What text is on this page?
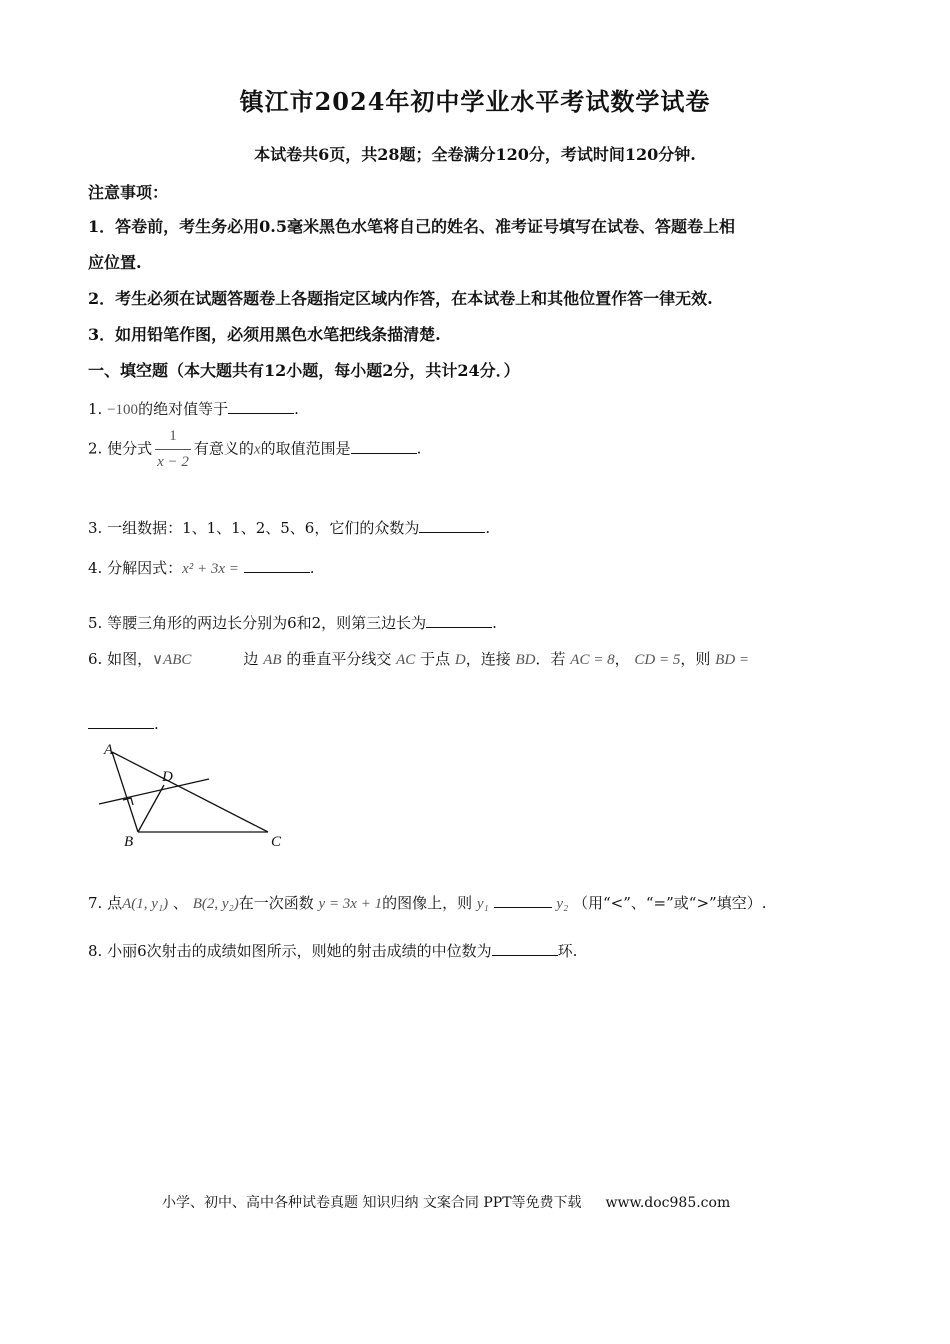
镇江市2024年初中学业水平考试数学试卷
本试卷共6页，共28题；全卷满分120分，考试时间120分钟.
注意事项：
1．答卷前，考生务必用0.5毫米黑色水笔将自己的姓名、准考证号填写在试卷、答题卷上相
应位置.
2．考生必须在试题答题卷上各题指定区域内作答，在本试卷上和其他位置作答一律无效.
3．如用铅笔作图，必须用黑色水笔把线条描清楚.
一、填空题（本大题共有12小题，每小题2分，共计24分．）
1. −100的绝对值等于	.
2. 使分式 $\frac{1}{x - 2}$ 有意义的x的取值范围是	.
3. 一组数据：1、1、1、2、5、6，它们的众数为	.
4. 分解因式：x² + 3x =	.
5. 等腰三角形的两边长分别为6和2，则第三边长为	.
6. 如图，∨ABC	边 AB 的垂直平分线交 AC 于点 D，连接 BD．若 AC = 8， CD = 5，则 BD =
.
A
B	C
D
7. 点A(1, y₁) 、 B(2, y₂)在一次函数 y = 3x + 1的图像上，则 y₁	y₂ （用“<”、“=”或“>”填空）.
8. 小丽6次射击的成绩如图所示，则她的射击成绩的中位数为	环.
小学、初中、高中各种试卷真题 知识归纳 文案合同 PPT等免费下载 www.doc985.com
